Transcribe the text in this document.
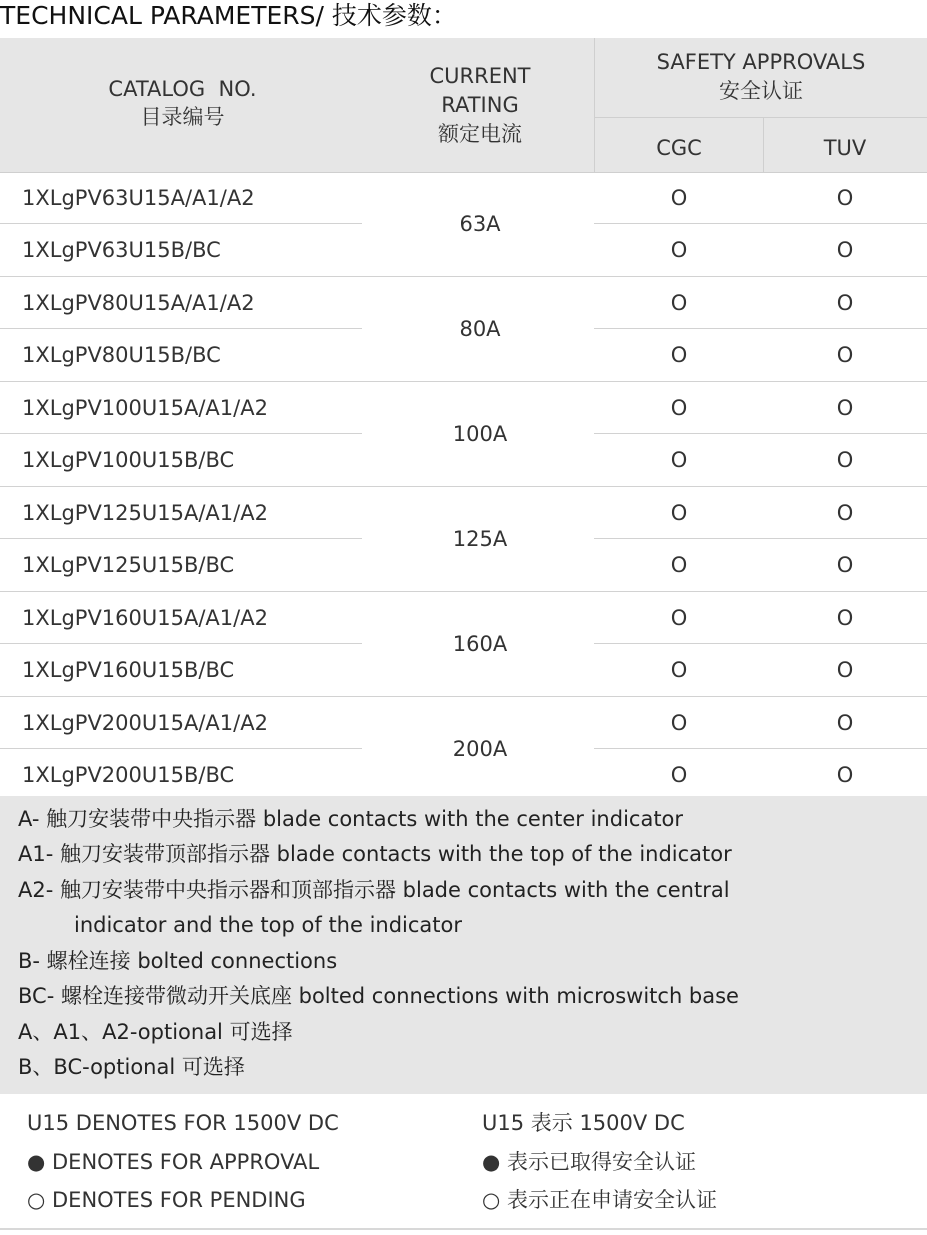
TECHNICAL PARAMETERS/ 技术参数：
CATALOG  NO.
目录编号
CURRENT
RATING
额定电流
SAFETY APPROVALS
安全认证
CGC	TUV
1XLgPV63U15A/A1/A2	O	O
1XLgPV63U15B/BC	O	O
63A
1XLgPV80U15A/A1/A2	O	O
1XLgPV80U15B/BC	O	O
80A
1XLgPV100U15A/A1/A2	O	O
1XLgPV100U15B/BC	O	O
100A
1XLgPV125U15A/A1/A2	O	O
1XLgPV125U15B/BC	O	O
125A
1XLgPV160U15A/A1/A2	O	O
1XLgPV160U15B/BC	O	O
160A
1XLgPV200U15A/A1/A2	O	O
1XLgPV200U15B/BC	O	O
200A
A- 触刀安装带中央指示器 blade contacts with the center indicator
A1- 触刀安装带顶部指示器 blade contacts with the top of the indicator
A2- 触刀安装带中央指示器和顶部指示器 blade contacts with the central
indicator and the top of the indicator
B- 螺栓连接 bolted connections
BC- 螺栓连接带微动开关底座 bolted connections with microswitch base
A、A1、A2-optional 可选择
B、BC-optional 可选择
U15 DENOTES FOR 1500V DC
● DENOTES FOR APPROVAL
○ DENOTES FOR PENDING
U15 表示 1500V DC
● 表示已取得安全认证
○ 表示正在申请安全认证
